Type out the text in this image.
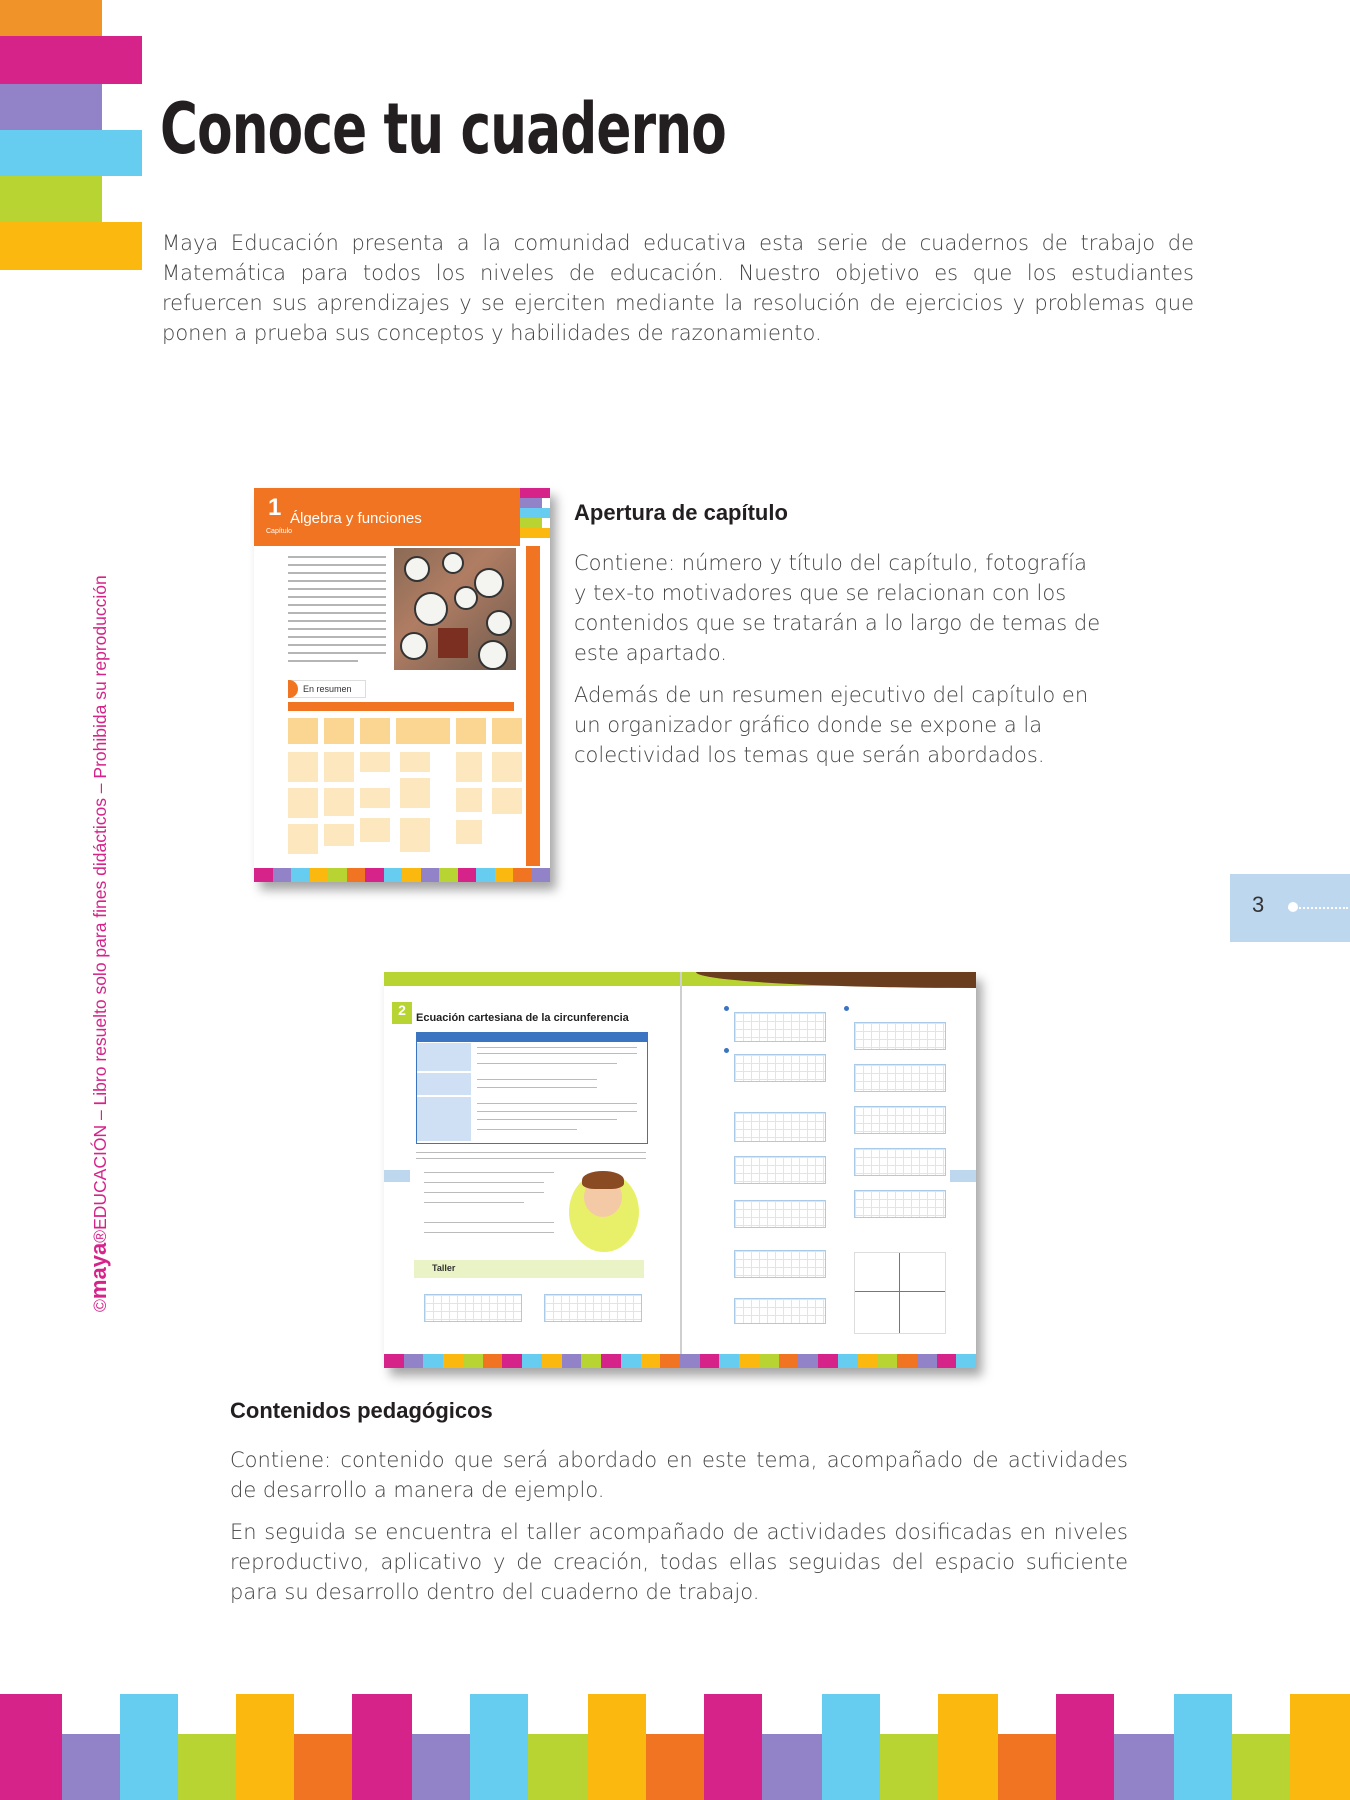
Conoce tu cuaderno
Maya Educación presenta a la comunidad educativa esta serie de cuadernos de trabajo de Matemática para todos los niveles de educación. Nuestro objetivo es que los estudiantes refuercen sus aprendizajes y se ejerciten mediante la resolución de ejercicios y problemas que ponen a prueba sus conceptos y habilidades de razonamiento.
©maya®EDUCACIÓN – Libro resuelto solo para fines didácticos – Prohibida su reproducción	3
1
Capítulo
Álgebra y funciones
En resumen
Apertura de capítulo

Contiene: número y título del capítulo, fotografía y tex-to motivadores que se relacionan con los contenidos que se tratarán a lo largo de temas de este apartado.

Además de un resumen ejecutivo del capítulo en un organizador gráfico donde se expone a la colectividad los temas que serán abordados.

2 Ecuación cartesiana de la circunferencia
Taller
Contenidos pedagógicos

Contiene: contenido que será abordado en este tema, acompañado de actividades de desarrollo a manera de ejemplo.

En seguida se encuentra el taller acompañado de actividades dosificadas en niveles reproductivo, aplicativo y de creación, todas ellas seguidas del espacio suficiente para su desarrollo dentro del cuaderno de trabajo.
